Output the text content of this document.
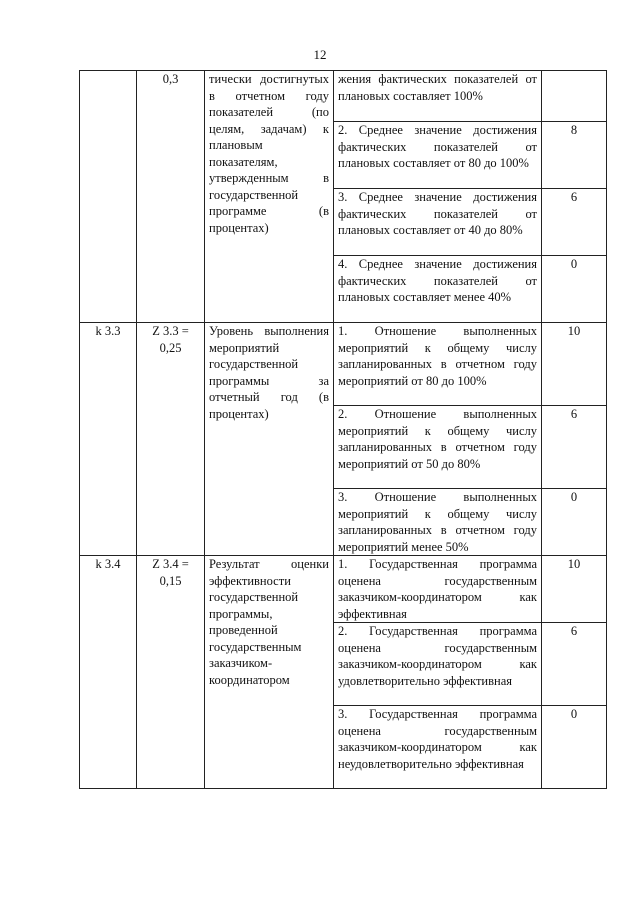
12
	0,3	тически достигнутых в отчетном году показателей (по целям, задачам) к плановым показателям, утвержденным в государственной программе (в процентах)	жения фактических показателей от плановых составляет 100%	
			2. Среднее значение достижения фактических показателей от плановых составляет от 80 до 100%	8
			3. Среднее значение достижения фактических показателей от плановых составляет от 40 до 80%	6
			4. Среднее значение достижения фактических показателей от плановых составляет менее 40%	0
k 3.3	Z 3.3 = 0,25	Уровень выполнения мероприятий государственной программы за отчетный год (в процентах)	1. Отношение выполненных мероприятий к общему числу запланированных в отчетном году мероприятий от 80 до 100%	10
			2. Отношение выполненных мероприятий к общему числу запланированных в отчетном году мероприятий от 50 до 80%	6
			3. Отношение выполненных мероприятий к общему числу запланированных в отчетном году мероприятий менее 50%	0
k 3.4	Z 3.4 = 0,15	Результат оценки эффективности государственной программы, проведенной государственным заказчиком-координатором	1. Государственная программа оценена государственным заказчиком-координатором как эффективная	10
			2. Государственная программа оценена государственным заказчиком-координатором как удовлетворительно эффективная	6
			3. Государственная программа оценена государственным заказчиком-координатором как неудовлетворительно эффективная	0
